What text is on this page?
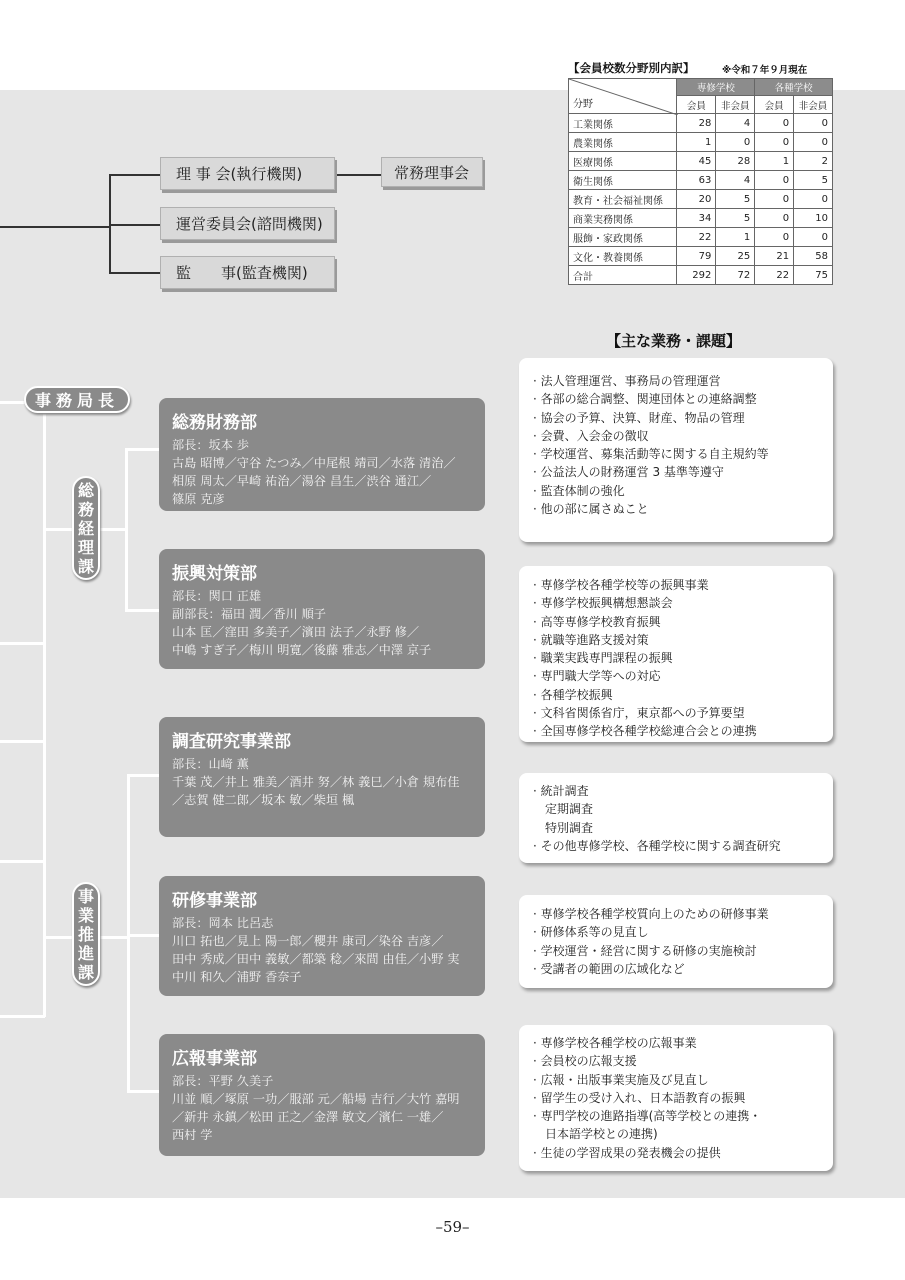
【会員校数分野別内訳】	※令和７年９月現在
分野	専修学校		各種学校	
	会員	非会員	会員	非会員
工業関係	28	4	0	0
農業関係	1	0	0	0
医療関係	45	28	1	2
衛生関係	63	4	0	5
教育・社会福祉関係	20	5	0	0
商業実務関係	34	5	0	10
服飾・家政関係	22	1	0	0
文化・教養関係	79	25	21	58
合計	292	72	22	75
理 事 会(執行機関)	常務理事会
運営委員会(諮問機関)
監　　事(監査機関)
事務局長
総
務
経
理
課
事
業
推
進
課
【主な業務・課題】
総務財務部
部長：坂本 歩
古島 昭博／守谷 たつみ／中尾根 靖司／水落 清治／
相原 周太／早崎 祐治／湯谷 昌生／渋谷 通江／
篠原 克彦
振興対策部
部長：関口 正雄
副部長：福田 潤／香川 順子
山本 匡／窪田 多美子／濱田 法子／永野 修／
中嶋 すぎ子／梅川 明寛／後藤 雅志／中澤 京子
調査研究事業部
部長：山﨑 薫
千葉 茂／井上 雅美／酒井 努／林 義巳／小倉 規布佳
／志賀 健二郎／坂本 敏／柴垣 楓
研修事業部
部長：岡本 比呂志
川口 拓也／見上 陽一郎／櫻井 康司／染谷 吉彦／
田中 秀成／田中 義敏／都築 稔／來間 由佳／小野 実
中川 和久／浦野 香奈子
広報事業部
部長：平野 久美子
川並 順／塚原 一功／服部 元／船場 吉行／大竹 嘉明
／新井 永鎮／松田 正之／金澤 敏文／濱仁 一雄／
西村 学
· 法人管理運営、事務局の管理運営
· 各部の総合調整、関連団体との連絡調整
· 協会の予算、決算、財産、物品の管理
· 会費、入会金の徴収
· 学校運営、募集活動等に関する自主規約等
· 公益法人の財務運営 3 基準等遵守
· 監査体制の強化
· 他の部に属さぬこと
· 専修学校各種学校等の振興事業
· 専修学校振興構想懇談会
· 高等専修学校教育振興
· 就職等進路支援対策
· 職業実践専門課程の振興
· 専門職大学等への対応
· 各種学校振興
· 文科省関係省庁，東京都への予算要望
· 全国専修学校各種学校総連合会との連携
· 統計調査
　定期調査
　特別調査
· その他専修学校、各種学校に関する調査研究
· 専修学校各種学校質向上のための研修事業
· 研修体系等の見直し
· 学校運営・経営に関する研修の実施検討
· 受講者の範囲の広域化など
· 専修学校各種学校の広報事業
· 会員校の広報支援
· 広報・出版事業実施及び見直し
· 留学生の受け入れ、日本語教育の振興
· 専門学校の進路指導(高等学校との連携・
　日本語学校との連携)
· 生徒の学習成果の発表機会の提供
–59–
